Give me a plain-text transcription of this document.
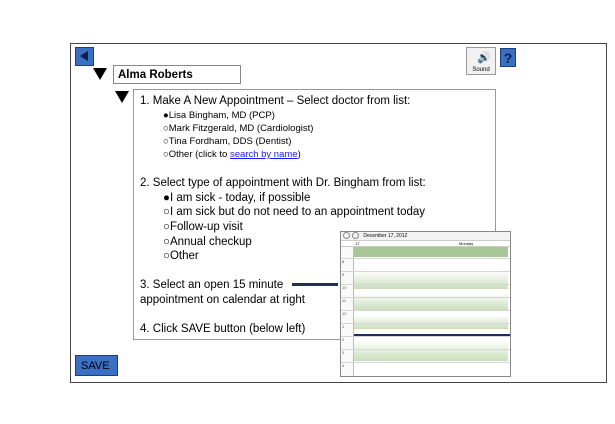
Alma Roberts
🔊
Sound
?
1. Make A New Appointment – Select doctor from list:
●Lisa Bingham, MD (PCP)
○Mark Fitzgerald, MD (Cardiologist)
○Tina Fordham, DDS (Dentist)
○Other (click to search by name)
2. Select type of appointment with Dr. Bingham from list:
●I am sick - today, if possible
○I am sick but do not need to an appointment today
○Follow-up visit
○Annual checkup
○Other
3. Select an open 15 minute
appointment on calendar at right
4. Click SAVE button (below left)
December 17, 2012
17	Monday
8
9
10
11
12
1
2
3
4
SAVE
